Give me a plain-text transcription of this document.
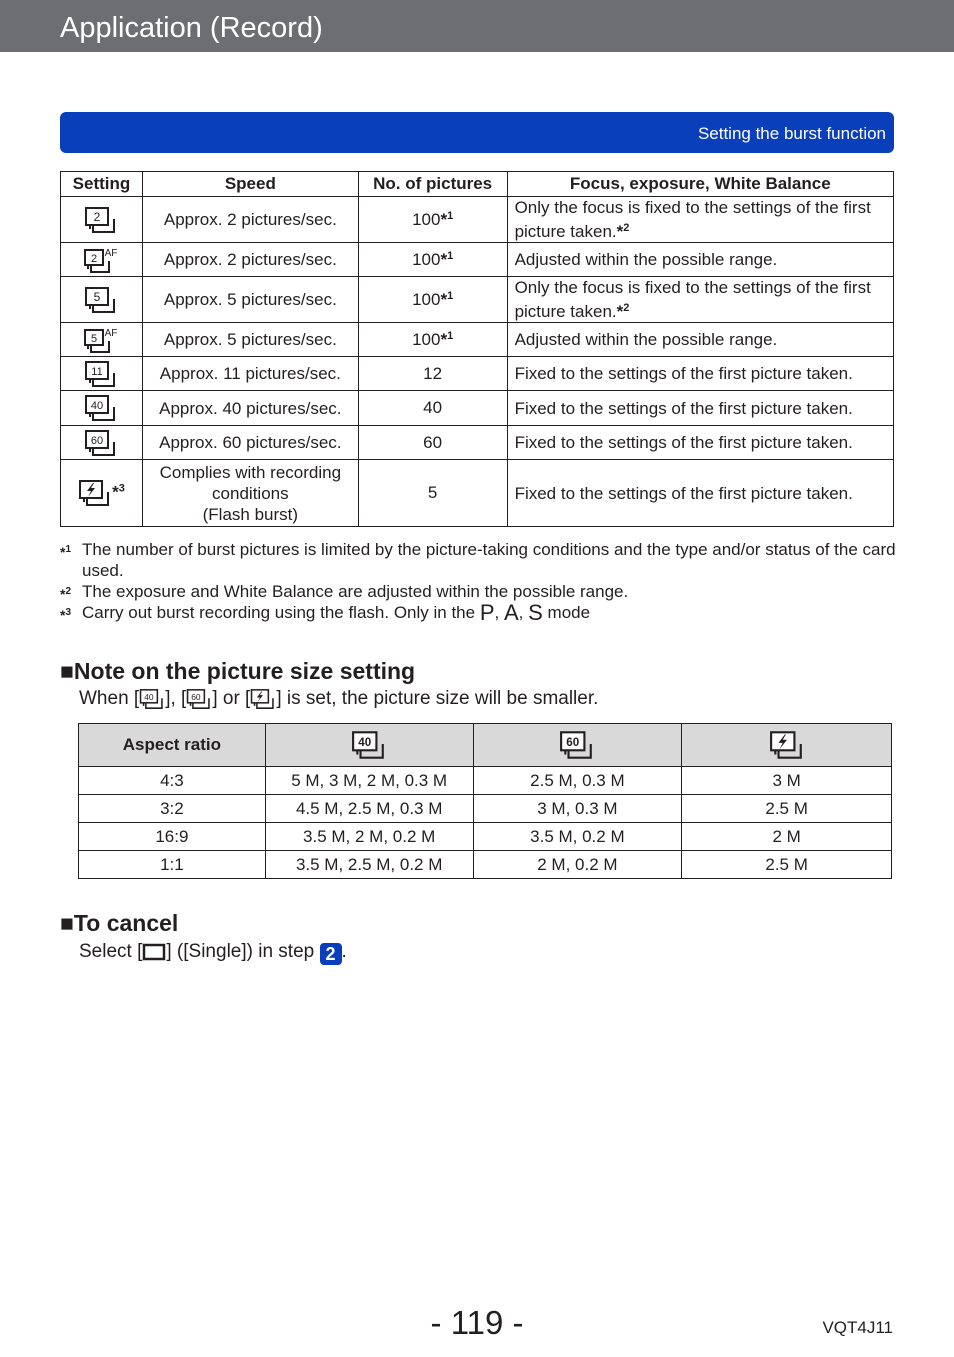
Application (Record)
Setting the burst function
Setting	Speed	No. of pictures	Focus, exposure, White Balance

2	Approx. 2 pictures/sec.	100*$^1$	Only the focus is fixed to the settings of the first picture taken.*$^2$

2 AF	Approx. 2 pictures/sec.	100*$^1$	Adjusted within the possible range.

5	Approx. 5 pictures/sec.	100*$^1$	Only the focus is fixed to the settings of the first picture taken.*$^2$

5 AF	Approx. 5 pictures/sec.	100*$^1$	Adjusted within the possible range.

11	Approx. 11 pictures/sec.	12	Fixed to the settings of the first picture taken.

40	Approx. 40 pictures/sec.	40	Fixed to the settings of the first picture taken.

60	Approx. 60 pictures/sec.	60	Fixed to the settings of the first picture taken.
*$^3$	Complies with recording
conditions
(Flash burst)	5	Fixed to the settings of the first picture taken.
*$^1$ The number of burst pictures is limited by the picture-taking conditions and the type and/or status of the card used.
*$^2$ The exposure and White Balance are adjusted within the possible range.
*$^3$ Carry out burst recording using the flash. Only in the P, A, S mode
■Note on the picture size setting
When [ 40 ], [ 60 ] or [ ] is set, the picture size will be smaller.
Aspect ratio	40	60

4:3	5 M, 3 M, 2 M, 0.3 M	2.5 M, 0.3 M	3 M
3:2	4.5 M, 2.5 M, 0.3 M	3 M, 0.3 M	2.5 M
16:9	3.5 M, 2 M, 0.2 M	3.5 M, 0.2 M	2 M
1:1	3.5 M, 2.5 M, 0.2 M	2 M, 0.2 M	2.5 M
■To cancel
Select [ ] ([Single]) in step 2 .
- 119 -	VQT4J11
